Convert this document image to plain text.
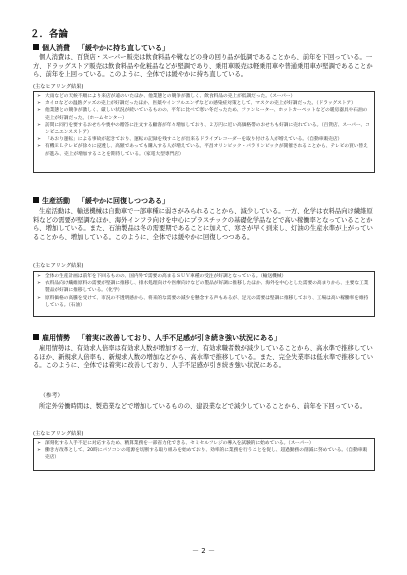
２．各論
個人消費 「緩やかに持ち直している」
個人消費は、百貨店・スーパー販売は飲食料品や靴などの身の回り品が低調であることから、前年を下回っている。一方、ドラッグストア販売は飲食料品や化粧品などが堅調であり、乗用車販売は軽乗用車や普通乗用車が堅調であることから、前年を上回っている。このように、全体では緩やかに持ち直している。
(主なヒアリング結果)
➢ 大雨などの天候不順により来店が遠のいたほか、他業態との競争が激しく、飲食料品の売上が低調だった。（スーパー）
➢ カイロなどの温熱グッズの売上が好調だったほか、医薬やインフルエンザなどの感染症対策として、マスクの売上が好調だった。（ドラッグストア）
➢ 他業態との競争が激しく、厳しい状況が続いているものの、平年に比べて寒い冬だったため、ファンヒーター、ホットカーペットなどの暖房器具や石油の売上が好調だった。（ホームセンター）
➢ 訪問に同行を要するおせちや喪中の贈答に注文する顧客が年々増加しており、２万円に近い高価格帯のおせちも好調に売れている。（百貨店、スーパー、コンビニエンスストア）
➢ 「あおり運転」による事故が起きており、運転の記録を残すことが出来るドライブレコーダーを取り付ける人が増えている。（自動車販売店）
➢ 有機ＥＬテレビが徐々に浸透し、高額であっても購入する人が増えている。平昌オリンピック・パラリンピックが開催されることから、テレビの買い替えが進み、売上が増加することを期待している。（家電大型専門店）
生産活動 「緩やかに回復しつつある」
生産活動は、輸送機械は自動車で一部車種に弱さがみられることから、減少している。一方、化学は衣料品向け繊維原料などの需要が堅調なほか、海外インフラ向けを中心にプラスチックの基礎化学品などで高い稼働率となっていることから、増加している。また、石油製品は冬の需要期であることに加えて、寒さが早く到来し、灯油の生産水準が上がっていることから、増加している。このように、全体では緩やかに回復しつつある。
(主なヒアリング結果)
➢ 全体の生産計画は前年を下回るものの、国内外で需要の高まるＳＵＶ車種の受注が好調となっている。（輸送機械）
➢ 衣料品向け繊維原料の需要が堅調に推移し、排水処理向けや医療向けなどの製品が好調に推移したほか、海外を中心とした需要の高まりから、主要な工業製品が好調に推移している。（化学）
➢ 原料価格の高騰を受けて、市況の不透明感から、将来的な需要の減少を懸念する声もあるが、足元の需要は堅調に推移しており、工場は高い稼働率を維持している。（石油）
雇用情勢 「着実に改善しており、人手不足感が引き続き強い状況にある」
雇用情勢は、有効求人倍率は有効求人数が増加する一方、有効求職者数が減少していることから、高水準で推移しているほか、新規求人倍率も、新規求人数の増加などから、高水準で推移している。また、完全失業率は低水準で推移している。このように、全体では着実に改善しており、人手不足感が引き続き強い状況にある。
（参考）
所定外労働時間は、製造業などで増加しているものの、建設業などで減少していることから、前年を下回っている。
(主なヒアリング結果)
➢ 深刻化する人手不足に対応するため、精算業務を一部省力化できる、セミセルフレジの導入を試験的に始めている。（スーパー）
➢ 働き方改革として、20時にパソコンの電源を切断する取り組みを始めており、効率的に業務を行うことを促し、超過勤務の削減に努めている。（自動車販売店）
－ 2 －
